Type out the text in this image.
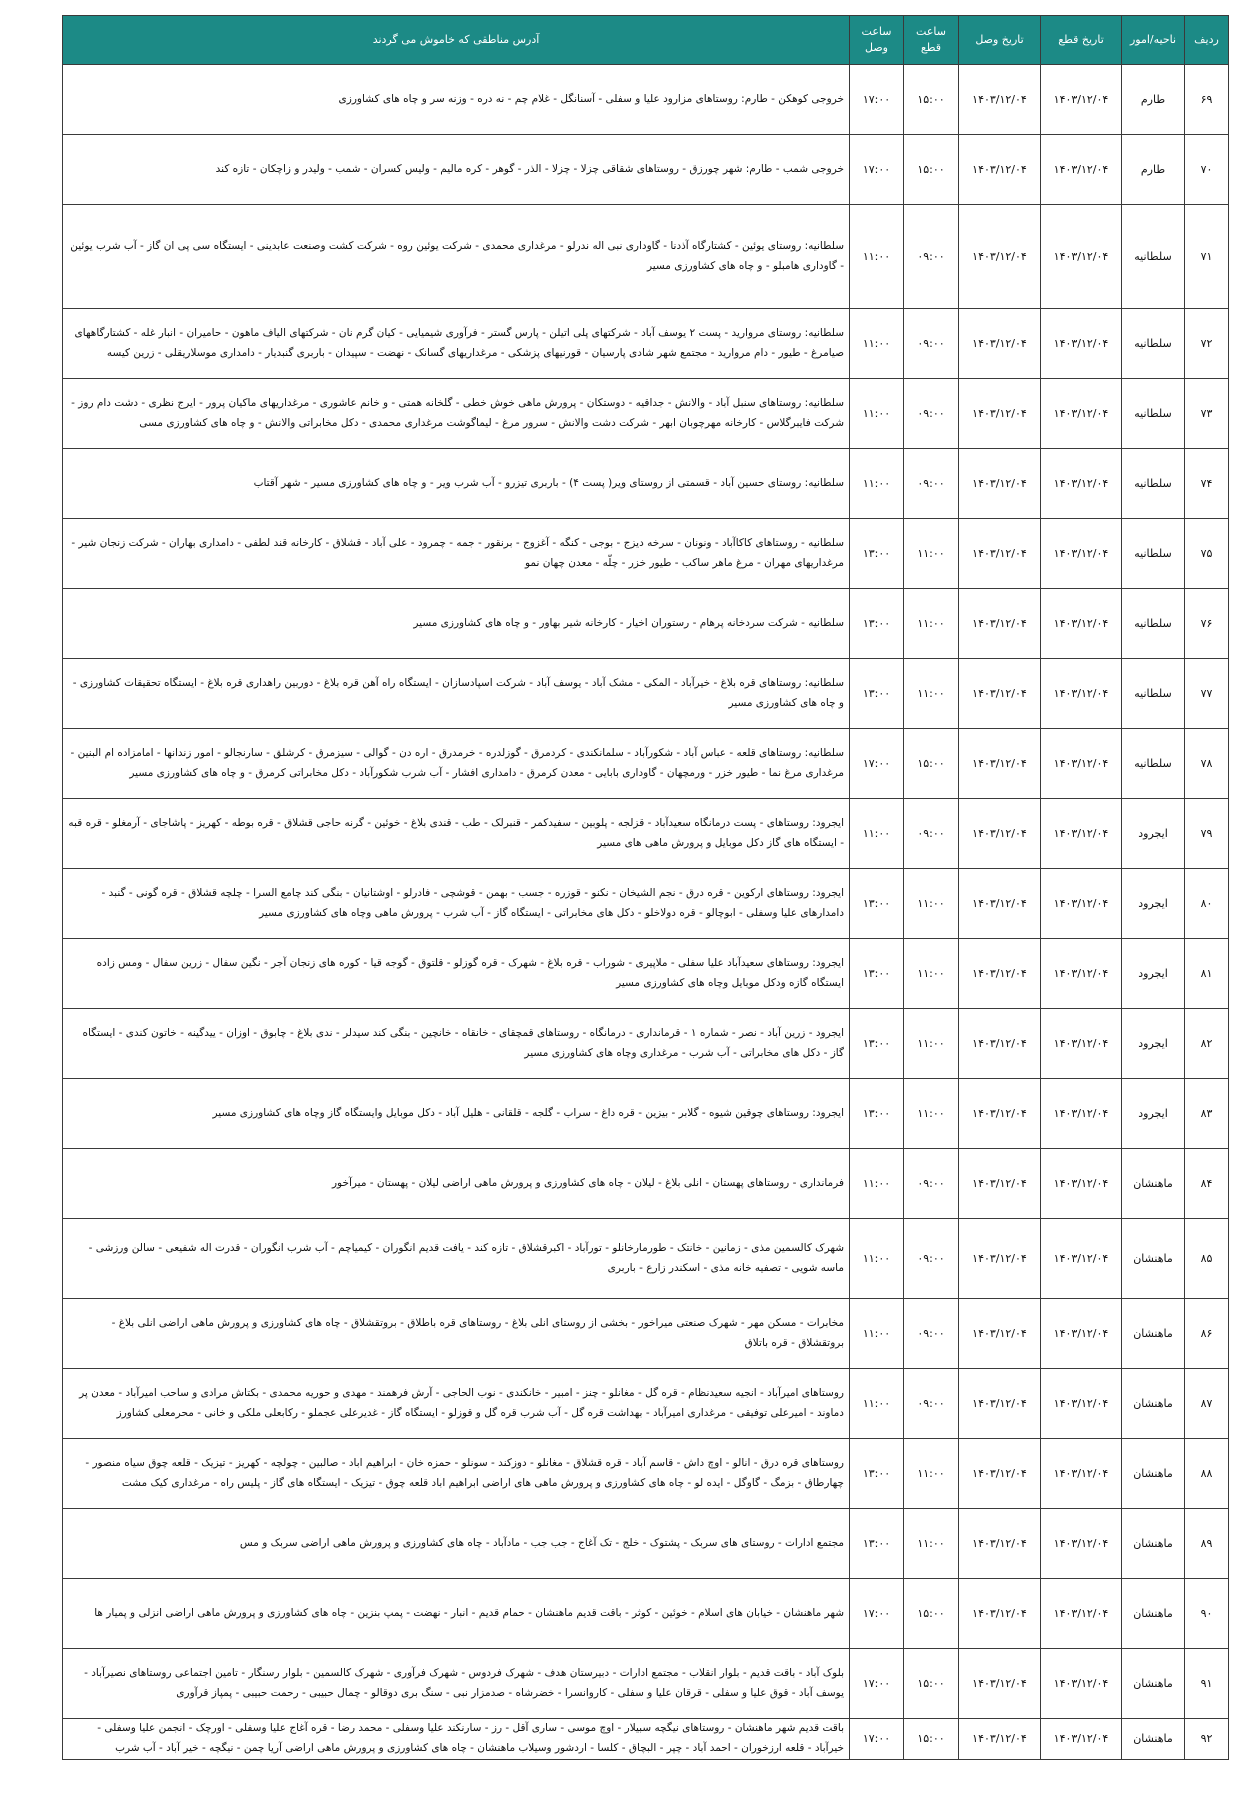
ردیف	ناحیه/امور	تاریخ قطع	تاریخ وصل	ساعت قطع	ساعت وصل	آدرس مناطقی که خاموش می گردند
۶۹	طارم	۱۴۰۳/۱۲/۰۴	۱۴۰۳/۱۲/۰۴	۱۵:۰۰	۱۷:۰۰	خروجی کوهکن - طارم: روستاهای مزارود علیا و سفلی - آسنانگل - غلام چم - نه دره - وزنه سر و چاه های کشاورزی
۷۰	طارم	۱۴۰۳/۱۲/۰۴	۱۴۰۳/۱۲/۰۴	۱۵:۰۰	۱۷:۰۰	خروجی شمب - طارم: شهر چورزق - روستاهای شقاقی چزلا - چزلا - الذر - گوهر - کره مالیم - ولیس کسران - شمب - ولیدر و زاچکان - تازه کند
۷۱	سلطانیه	۱۴۰۳/۱۲/۰۴	۱۴۰۳/۱۲/۰۴	۰۹:۰۰	۱۱:۰۰	سلطانیه: روستای یوئین - کشتارگاه آذدنا - گاوداری نبی اله ندرلو - مرغداری محمدی - شرکت یوئین روه - شرکت کشت وصنعت عابدینی - ایستگاه سی پی ان گاز - آب شرب یوئین - گاوداری هامبلو - و چاه های کشاورزی مسیر
۷۲	سلطانیه	۱۴۰۳/۱۲/۰۴	۱۴۰۳/۱۲/۰۴	۰۹:۰۰	۱۱:۰۰	سلطانیه: روستای مروارید - پست ۲ یوسف آباد - شرکتهای پلی اتیلن - پارس گستر - فرآوری شیمیایی - کیان گرم نان - شرکتهای الیاف ماهون - حامیران - انبار غله - کشتارگاههای صیامرغ - طیور - دام مروارید - مجتمع شهر شادی پارسیان - قورنیهای پزشکی - مرغداریهای گسانک - نهضت - سپیدان - باربری گنبدیار - دامداری موسلاریقلی - زرین کیسه
۷۳	سلطانیه	۱۴۰۳/۱۲/۰۴	۱۴۰۳/۱۲/۰۴	۰۹:۰۰	۱۱:۰۰	سلطانیه: روستاهای سنبل آباد - والانش - جداقیه - دوستکان - پرورش ماهی خوش خطی - گلخانه همتی - و خانم عاشوری - مرغداریهای ماکیان پرور - ایرج نظری - دشت دام روز - شرکت فایبرگلاس - کارخانه مهرچوبان ابهر - شرکت دشت والانش - سرور مرغ - لیماگوشت مرغداری محمدی - دکل مخابراتی والانش - و چاه های کشاورزی مسی
۷۴	سلطانیه	۱۴۰۳/۱۲/۰۴	۱۴۰۳/۱۲/۰۴	۰۹:۰۰	۱۱:۰۰	سلطانیه: روستای حسین آباد - قسمتی از روستای ویر( پست ۴) - باربری تیزرو - آب شرب ویر - و چاه های کشاورزی مسیر - شهر آقتاب
۷۵	سلطانیه	۱۴۰۳/۱۲/۰۴	۱۴۰۳/۱۲/۰۴	۱۱:۰۰	۱۳:۰۰	سلطانیه - روستاهای کاکاآباد - ونونان - سرخه دیزج - بوجی - کنگه - آغزوج - برنقور - جمه - چمرود - علی آباد - قشلاق - کارخانه قند لطفی - دامداری بهاران - شرکت زنجان شیر - مرغداریهای مهران - مرغ ماهر ساکب - طیور خزر - چلّه - معدن چهان نمو
۷۶	سلطانیه	۱۴۰۳/۱۲/۰۴	۱۴۰۳/۱۲/۰۴	۱۱:۰۰	۱۳:۰۰	سلطانیه - شرکت سردخانه پرهام - رستوران اخیار - کارخانه شیر بهاور - و چاه های کشاورزی مسیر
۷۷	سلطانیه	۱۴۰۳/۱۲/۰۴	۱۴۰۳/۱۲/۰۴	۱۱:۰۰	۱۳:۰۰	سلطانیه: روستاهای قره بلاغ - خیرآباد - المکی - مشک آباد - یوسف آباد - شرکت اسپادسازان - ایستگاه راه آهن قره بلاغ - دوربین راهداری قره بلاغ - ایستگاه تحقیقات کشاورزی - و چاه های کشاورزی مسیر
۷۸	سلطانیه	۱۴۰۳/۱۲/۰۴	۱۴۰۳/۱۲/۰۴	۱۵:۰۰	۱۷:۰۰	سلطانیه: روستاهای قلعه - عباس آباد - شکورآباد - سلمانکندی - کردمرق - گوزلدره - خرمدرق - اره دن - گوالی - سیزمرق - کرشلق - سارنجالو - امور زندانها - امامزاده ام البنین - مرغداری مرغ نما - طیور خزر - ورمچهان - گاوداری بابایی - معدن کرمرق - دامداری افشار - آب شرب شکورآباد - دکل مخابراتی کرمرق - و چاه های کشاورزی مسیر
۷۹	ایجرود	۱۴۰۳/۱۲/۰۴	۱۴۰۳/۱۲/۰۴	۰۹:۰۰	۱۱:۰۰	ایجرود: روستاهای - پست درمانگاه سعیدآباد - قزلجه - پلوبین - سفیدکمر - قنبرلک - طب - قندی بلاغ - خوئین - گرنه حاجی قشلاق - قره بوطه - کهریز - پاشاجای - آرمغلو - قره قبه - ایستگاه های گاز دکل موبایل و پرورش ماهی های مسیر
۸۰	ایجرود	۱۴۰۳/۱۲/۰۴	۱۴۰۳/۱۲/۰۴	۱۱:۰۰	۱۳:۰۰	ایجرود: روستاهای ارکوین - قره درق - نجم الشیخان - نکنو - قوزره - جسب - بهمن - قوشچی - فادرلو - اوشتانیان - بنگی کند چامع السرا - چلچه قشلاق - قره گونی - گنبد - دامدارهای علیا وسفلی - ابوچالو - قره دولاخلو - دکل های مخابراتی - ایستگاه گاز - آب شرب - پرورش ماهی وچاه های کشاورزی مسیر
۸۱	ایجرود	۱۴۰۳/۱۲/۰۴	۱۴۰۳/۱۲/۰۴	۱۱:۰۰	۱۳:۰۰	ایجرود: روستاهای سعیدآباد علیا سفلی - ملاپیری - شوراب - قره بلاغ - شهرک - قره گوزلو - قلتوق - گوجه قیا - کوره های زنجان آجر - نگین سفال - زرین سفال - ومس زاده ایستگاه گازه ودکل موبایل وچاه های کشاورزی مسیر
۸۲	ایجرود	۱۴۰۳/۱۲/۰۴	۱۴۰۳/۱۲/۰۴	۱۱:۰۰	۱۳:۰۰	ایجرود - زرین آباد - نصر - شماره ۱ - قرمانداری - درمانگاه - روستاهای قمچقای - خانقاه - خانچین - بنگی کند سیدلر - ندی بلاغ - چابوق - اوزان - ییدگینه - خاتون کندی - ایستگاه گاز - دکل های مخابراتی - آب شرب - مرغداری وچاه های کشاورزی مسیر
۸۳	ایجرود	۱۴۰۳/۱۲/۰۴	۱۴۰۳/۱۲/۰۴	۱۱:۰۰	۱۳:۰۰	ایجرود: روستاهای چوقین شیوه - گلابر - بیزین - قره داغ - سراب - گلجه - قلقانی - هلیل آباد - دکل موبایل وایستگاه گاز وچاه های کشاورزی مسیر
۸۴	ماهنشان	۱۴۰۳/۱۲/۰۴	۱۴۰۳/۱۲/۰۴	۰۹:۰۰	۱۱:۰۰	فرمانداری - روستاهای پهستان - انلی بلاغ - لیلان - چاه های کشاورزی و پرورش ماهی اراضی لیلان - پهستان - میرآخور
۸۵	ماهنشان	۱۴۰۳/۱۲/۰۴	۱۴۰۳/۱۲/۰۴	۰۹:۰۰	۱۱:۰۰	شهرک کالسمین مذی - زمانین - خانتک - طورمارخانلو - تورآباد - اکبرقشلاق - تازه کند - یافت قدیم انگوران - کیمیاچم - آب شرب انگوران - قدرت اله شفیعی - سالن ورزشی - ماسه شویی - تصفیه خانه مذی - اسکندر زارع - باربری
۸۶	ماهنشان	۱۴۰۳/۱۲/۰۴	۱۴۰۳/۱۲/۰۴	۰۹:۰۰	۱۱:۰۰	مخابرات - مسکن مهر - شهرک صنعتی میراخور - بخشی از روستای انلی بلاغ - روستاهای قره باطلاق - بروتقشلاق - چاه های کشاورزی و پرورش ماهی اراضی انلی بلاغ - بروتقشلاق - قره باتلاق
۸۷	ماهنشان	۱۴۰۳/۱۲/۰۴	۱۴۰۳/۱۲/۰۴	۰۹:۰۰	۱۱:۰۰	روستاهای امیرآباد - انجیه سعیدنظام - قره گل - مغانلو - چنز - امبیر - خانکندی - نوب الحاجی - آرش فرهمند - مهدی و حوریه محمدی - بکتاش مرادی و ساحب امیرآباد - معدن پر دماوند - امیرعلی توفیقی - مرغداری امیرآباد - بهداشت قره گل - آب شرب قره گل و قوزلو - ایستگاه گاز - غدیرعلی عجملو - رکابعلی ملکی و خانی - محرمعلی کشاورز
۸۸	ماهنشان	۱۴۰۳/۱۲/۰۴	۱۴۰۳/۱۲/۰۴	۱۱:۰۰	۱۳:۰۰	روستاهای قره درق - انالو - اوچ داش - قاسم آباد - قره قشلاق - مغانلو - دوزکند - سونلو - حمزه خان - ابراهیم اباد - صالبین - چولچه - کهریز - تیزیک - قلعه چوق سیاه منصور - چهارطاق - بزمگ - گاوگل - ایده لو - چاه های کشاورزی و پرورش ماهی های اراضی ابراهیم اباد قلعه چوق - تیزیک - ایستگاه های گاز - پلیس راه - مرغداری کیک مشت
۸۹	ماهنشان	۱۴۰۳/۱۲/۰۴	۱۴۰۳/۱۲/۰۴	۱۱:۰۰	۱۳:۰۰	مجتمع ادارات - روستای های سربک - پشتوک - خلج - تک آغاج - جب جب - مادآباد - چاه های کشاورزی و پرورش ماهی اراضی سربک و مس
۹۰	ماهنشان	۱۴۰۳/۱۲/۰۴	۱۴۰۳/۱۲/۰۴	۱۵:۰۰	۱۷:۰۰	شهر ماهنشان - خیابان های اسلام - خوئین - کوثر - باقت قدیم ماهنشان - حمام قدیم - انبار - نهضت - پمپ بنزین - چاه های کشاورزی و پرورش ماهی اراضی انزلی و پمیار ها
۹۱	ماهنشان	۱۴۰۳/۱۲/۰۴	۱۴۰۳/۱۲/۰۴	۱۵:۰۰	۱۷:۰۰	بلوک آباد - باقت قدیم - بلوار انقلاب - مجتمع ادارات - دبیرستان هدف - شهرک فردوس - شهرک فرآوری - شهرک کالسمین - بلوار رسنگار - تامین اجتماعی روستاهای نصیرآباد - یوسف آباد - قوق علیا و سفلی - قرقان علیا و سفلی - کاروانسرا - خضرشاه - صدمزار نبی - سنگ بری دوقالو - چمال حبیبی - رحمت حبیبی - پمپاز قرآوری
۹۲	ماهنشان	۱۴۰۳/۱۲/۰۴	۱۴۰۳/۱۲/۰۴	۱۵:۰۰	۱۷:۰۰	باقت قدیم شهر ماهنشان - روستاهای نیگچه سبیلار - اوچ موسی - ساری آقل - رز - سارنکند علیا وسفلی - محمد رضا - قره آغاج علیا وسفلی - اورچک - انجمن علیا وسفلی - خیرآباد - قلعه ارزخوران - احمد آباد - چپر - البچاق - کلسا - اردشور وسیلاب ماهنشان - چاه های کشاورزی و پرورش ماهی اراضی آریا چمن - نیگچه - خیر آباد - آب شرب
